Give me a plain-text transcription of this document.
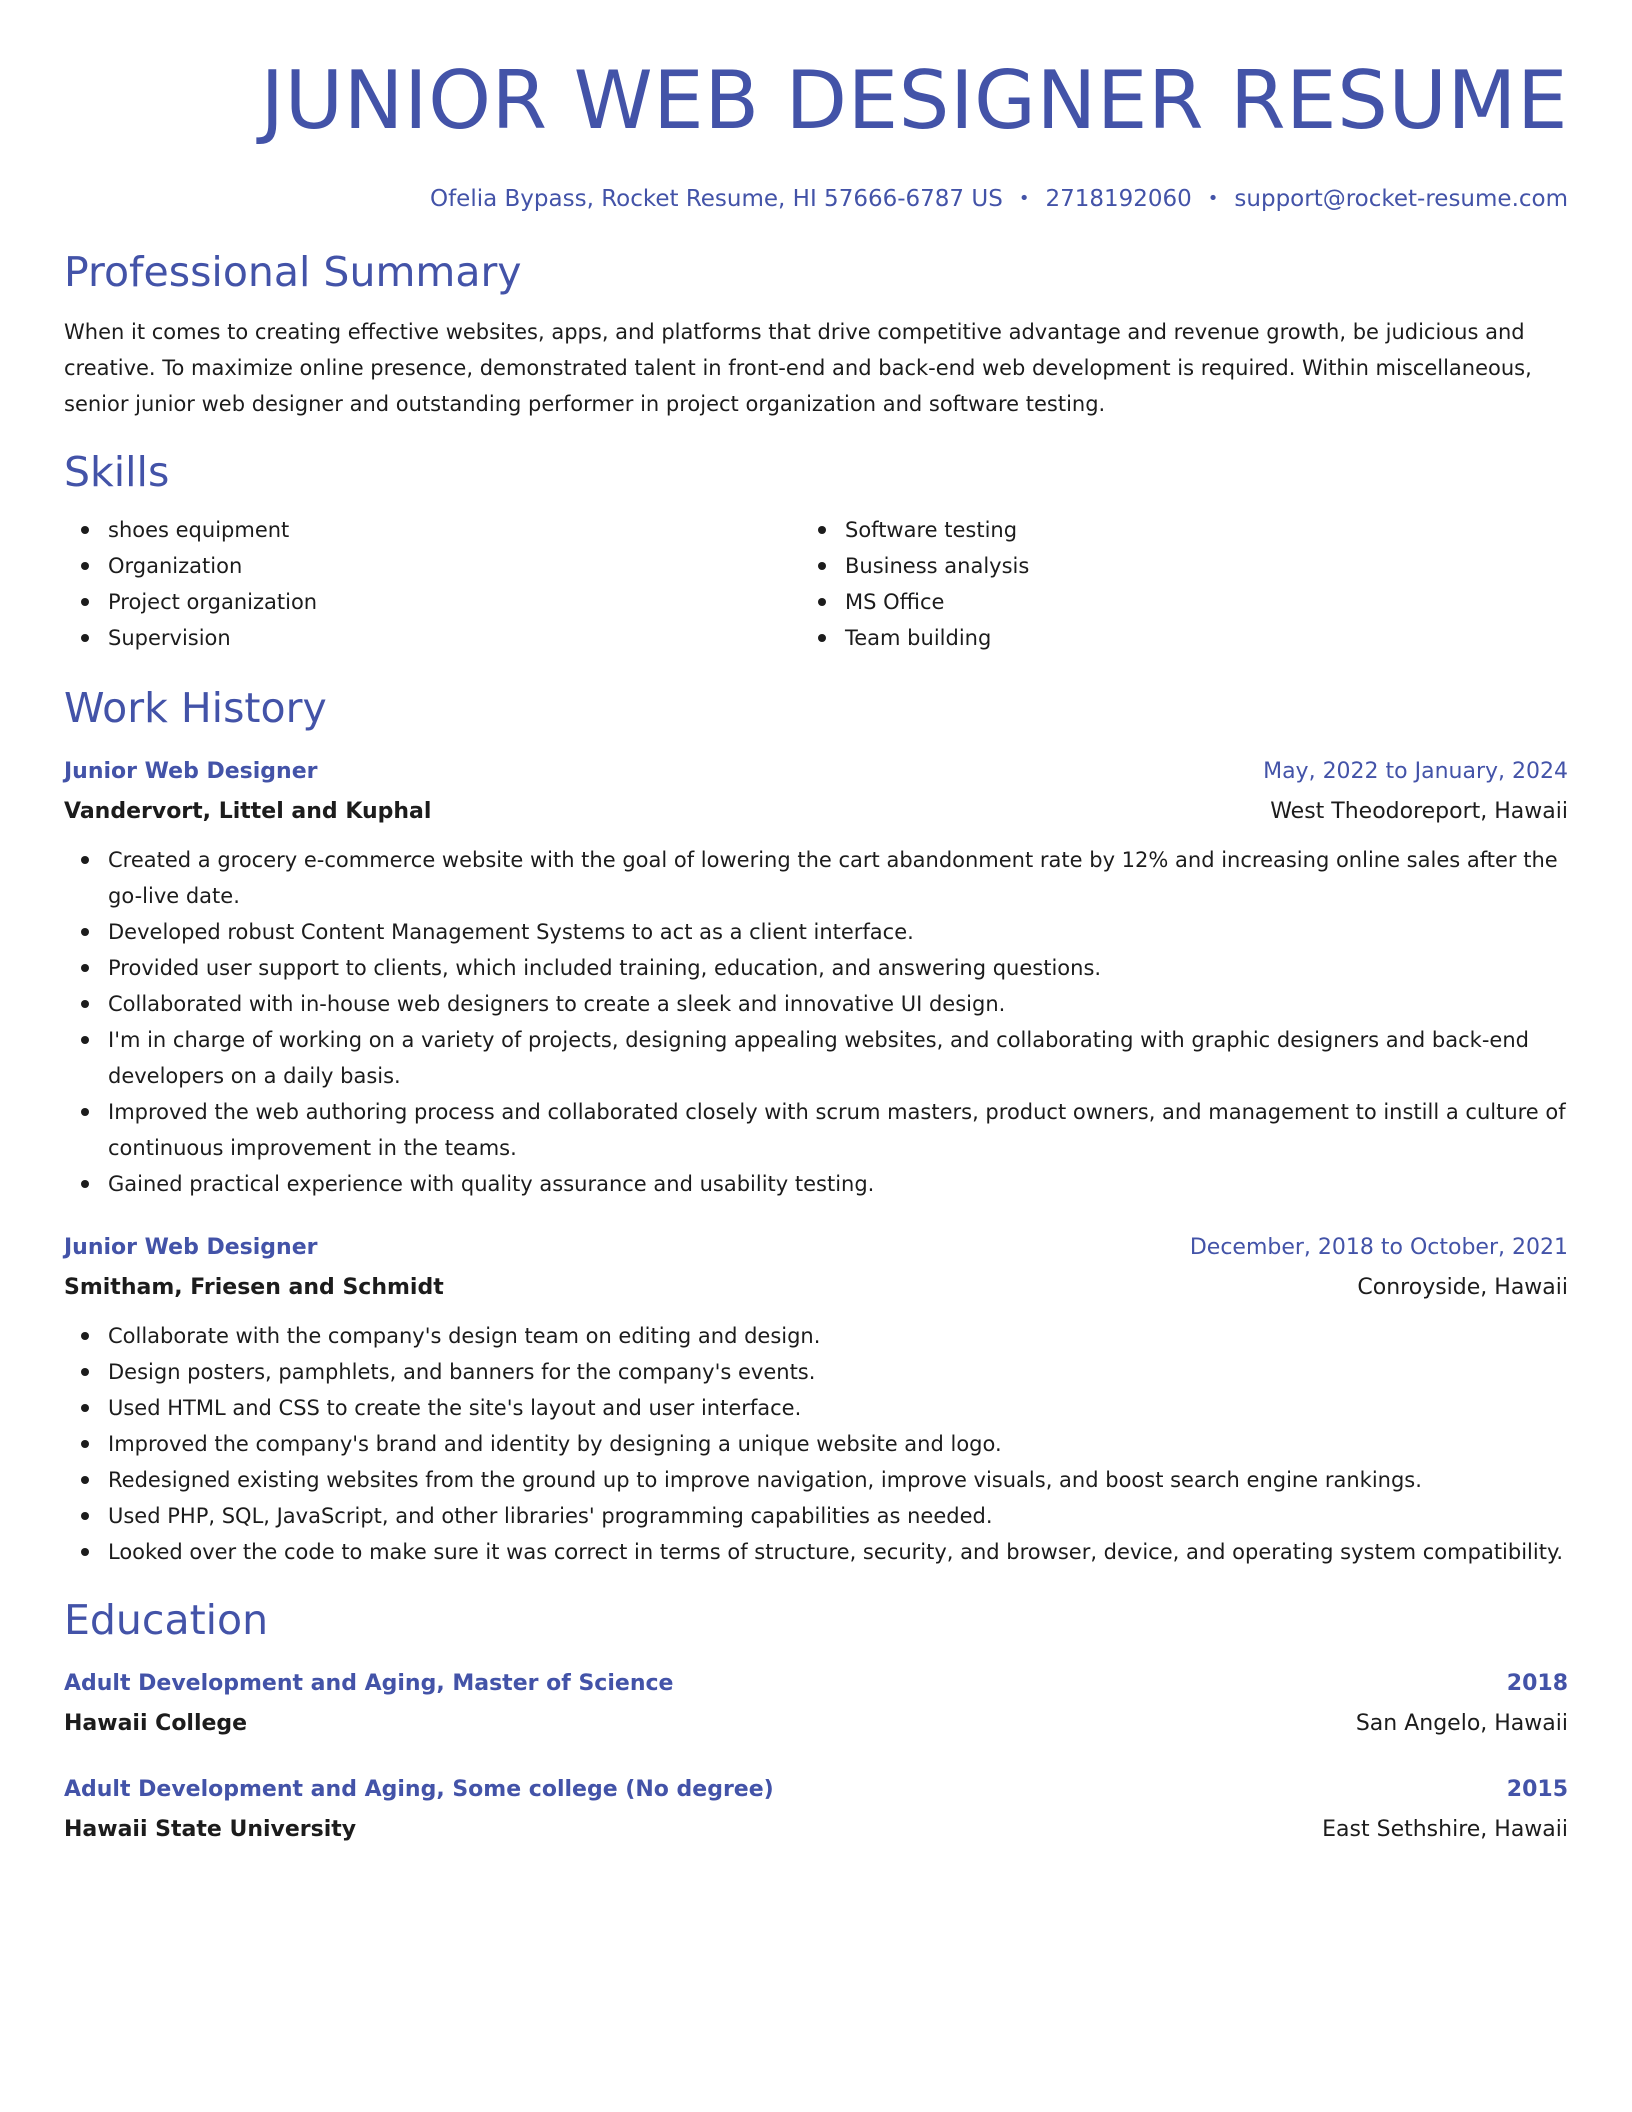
JUNIOR WEB DESIGNER RESUME
Ofelia Bypass, Rocket Resume, HI 57666-6787 US • 2718192060 • support@rocket-resume.com
Professional Summary
When it comes to creating effective websites, apps, and platforms that drive competitive advantage and revenue growth, be judicious and creative. To maximize online presence, demonstrated talent in front-end and back-end web development is required. Within miscellaneous, senior junior web designer and outstanding performer in project organization and software testing.
Skills
shoes equipment
Organization
Project organization
Supervision
Software testing
Business analysis
MS Office
Team building
Work History
Junior Web Designer	May, 2022 to January, 2024
Vandervort, Littel and Kuphal	West Theodoreport, Hawaii
Created a grocery e-commerce website with the goal of lowering the cart abandonment rate by 12% and increasing online sales after the go-live date.
Developed robust Content Management Systems to act as a client interface.
Provided user support to clients, which included training, education, and answering questions.
Collaborated with in-house web designers to create a sleek and innovative UI design.
I'm in charge of working on a variety of projects, designing appealing websites, and collaborating with graphic designers and back-end developers on a daily basis.
Improved the web authoring process and collaborated closely with scrum masters, product owners, and management to instill a culture of continuous improvement in the teams.
Gained practical experience with quality assurance and usability testing.
Junior Web Designer	December, 2018 to October, 2021
Smitham, Friesen and Schmidt	Conroyside, Hawaii
Collaborate with the company's design team on editing and design.
Design posters, pamphlets, and banners for the company's events.
Used HTML and CSS to create the site's layout and user interface.
Improved the company's brand and identity by designing a unique website and logo.
Redesigned existing websites from the ground up to improve navigation, improve visuals, and boost search engine rankings.
Used PHP, SQL, JavaScript, and other libraries' programming capabilities as needed.
Looked over the code to make sure it was correct in terms of structure, security, and browser, device, and operating system compatibility.
Education
Adult Development and Aging, Master of Science	2018
Hawaii College	San Angelo, Hawaii
Adult Development and Aging, Some college (No degree)	2015
Hawaii State University	East Sethshire, Hawaii
